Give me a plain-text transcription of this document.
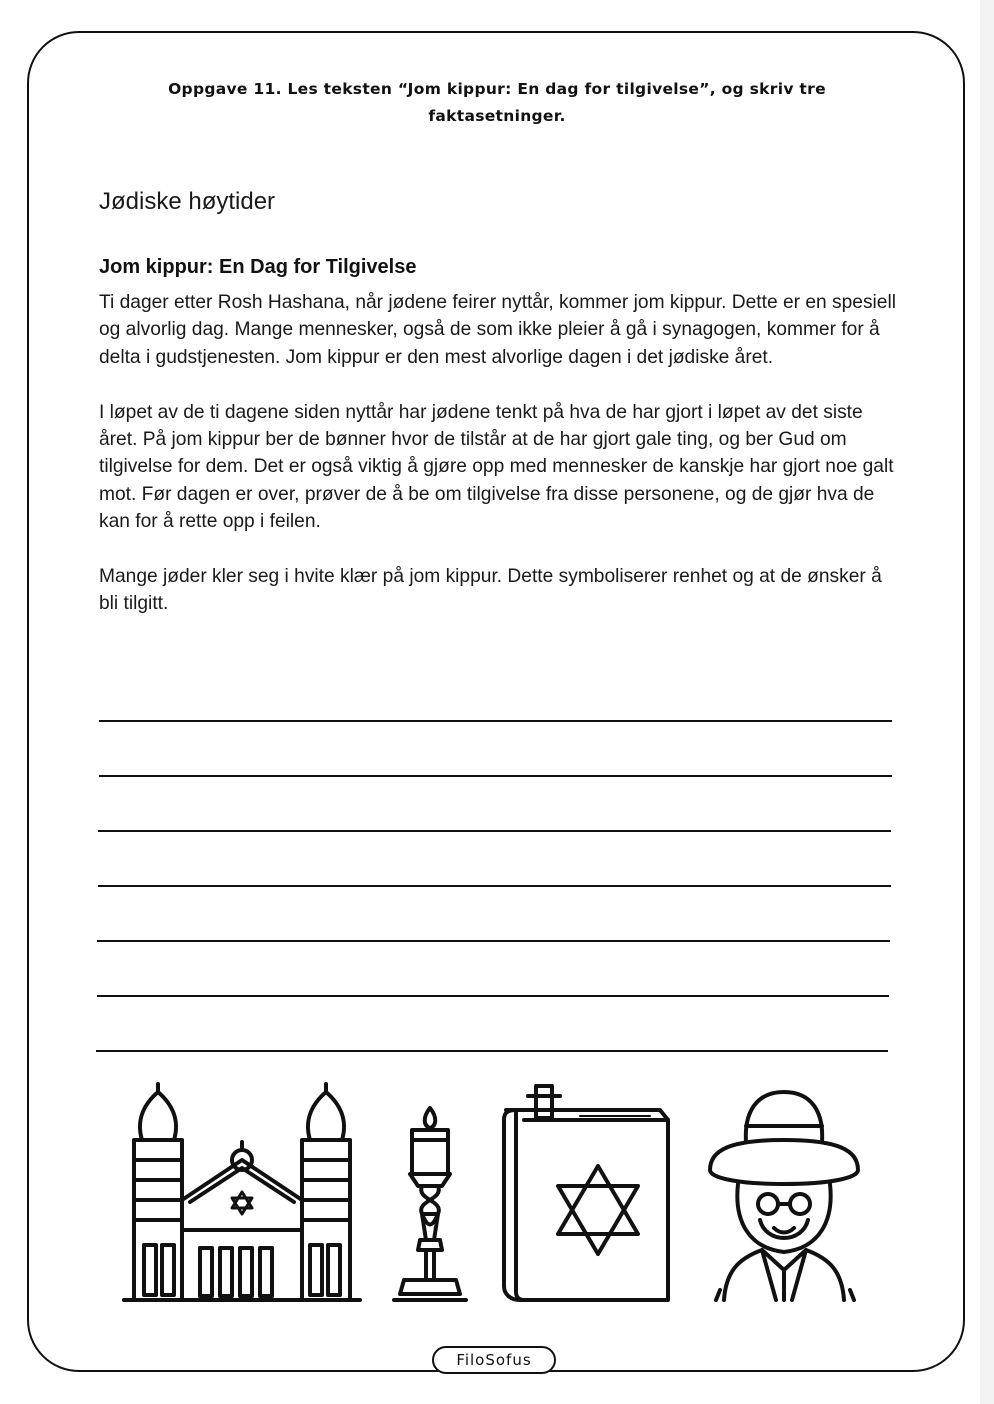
Oppgave 11. Les teksten “Jom kippur: En dag for tilgivelse”, og skriv tre
faktasetninger.
Jødiske høytider
Jom kippur: En Dag for Tilgivelse

Ti dager etter Rosh Hashana, når jødene feirer nyttår, kommer jom kippur. Dette er en spesiell og alvorlig dag. Mange mennesker, også de som ikke pleier å gå i synagogen, kommer for å delta i gudstjenesten. Jom kippur er den mest alvorlige dagen i det jødiske året.

I løpet av de ti dagene siden nyttår har jødene tenkt på hva de har gjort i løpet av det siste året. På jom kippur ber de bønner hvor de tilstår at de har gjort gale ting, og ber Gud om tilgivelse for dem. Det er også viktig å gjøre opp med mennesker de kanskje har gjort noe galt mot. Før dagen er over, prøver de å be om tilgivelse fra disse personene, og de gjør hva de kan for å rette opp i feilen.

Mange jøder kler seg i hvite klær på jom kippur. Dette symboliserer renhet og at de ønsker å bli tilgitt.

FiloSofus
